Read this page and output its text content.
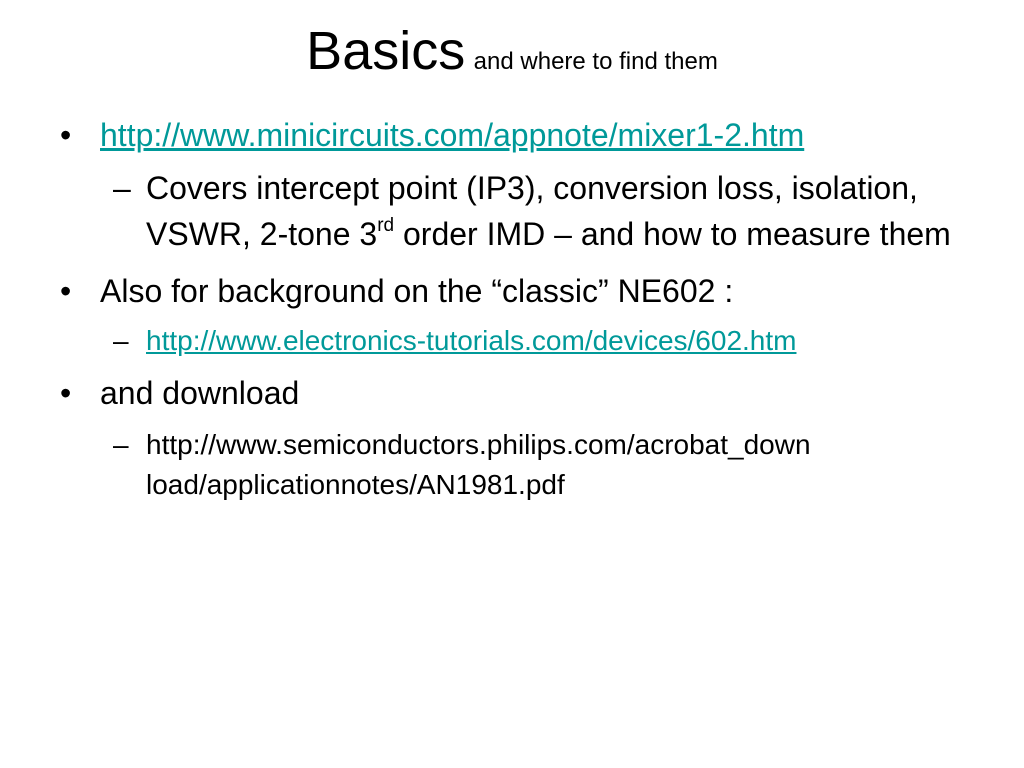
Basics and where to find them
• http://www.minicircuits.com/appnote/mixer1-2.htm
– Covers intercept point (IP3), conversion loss, isolation, VSWR, 2-tone 3rd order IMD – and how to measure them
• Also for background on the “classic” NE602 :
– http://www.electronics-tutorials.com/devices/602.htm
• and download
– http://www.semiconductors.philips.com/acrobat_down
load/applicationnotes/AN1981.pdf
